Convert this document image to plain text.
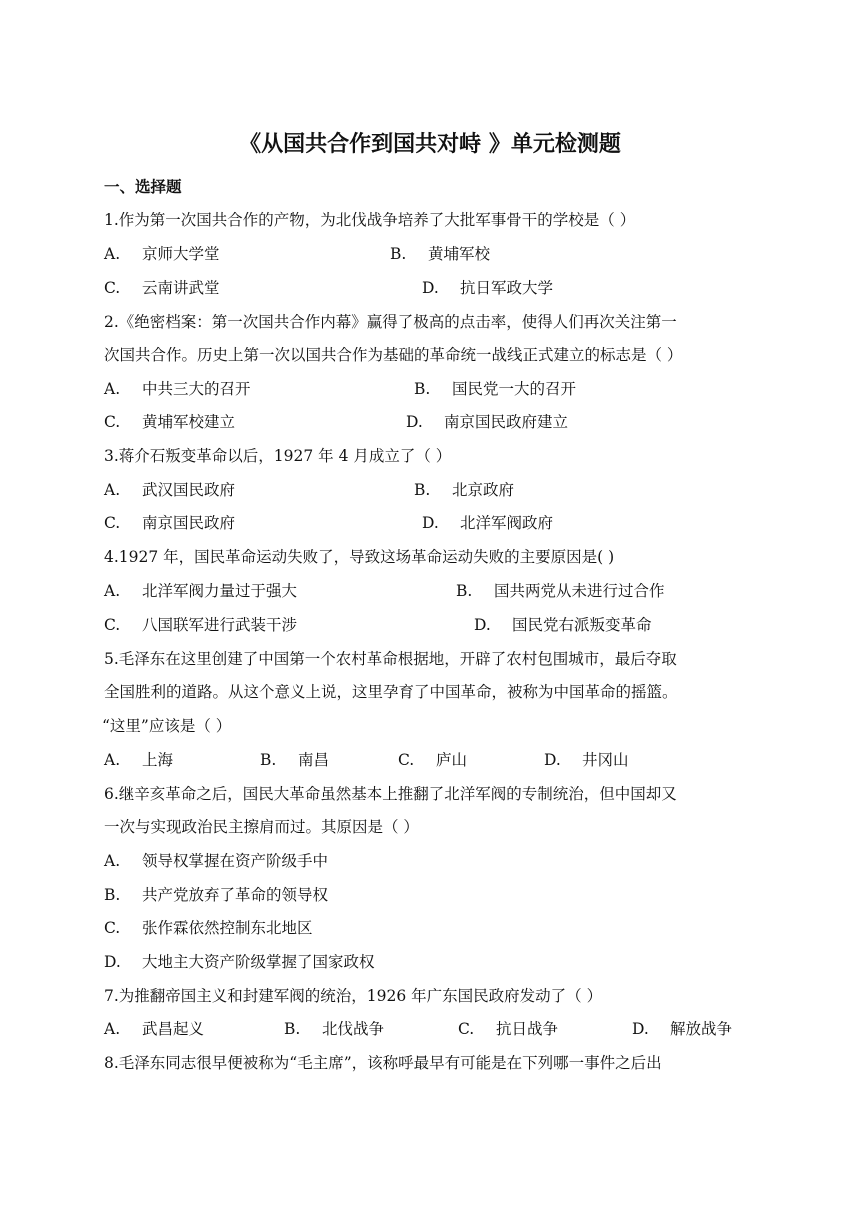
《从国共合作到国共对峙 》单元检测题
一、选择题
1.作为第一次国共合作的产物，为北伐战争培养了大批军事骨干的学校是（ ）
A. 京师大学堂	B. 黄埔军校
C. 云南讲武堂	D. 抗日军政大学
2.《绝密档案：第一次国共合作内幕》赢得了极高的点击率，使得人们再次关注第一
次国共合作。历史上第一次以国共合作为基础的革命统一战线正式建立的标志是（ ）
A. 中共三大的召开	B. 国民党一大的召开
C. 黄埔军校建立	D. 南京国民政府建立
3.蒋介石叛变革命以后，1927 年 4 月成立了（ ）
A. 武汉国民政府	B. 北京政府
C. 南京国民政府	D. 北洋军阀政府
4.1927 年，国民革命运动失败了，导致这场革命运动失败的主要原因是( )
A. 北洋军阀力量过于强大	B. 国共两党从未进行过合作
C. 八国联军进行武装干涉	D. 国民党右派叛变革命
5.毛泽东在这里创建了中国第一个农村革命根据地，开辟了农村包围城市，最后夺取
全国胜利的道路。从这个意义上说，这里孕育了中国革命，被称为中国革命的摇篮。
“这里”应该是（ ）
A. 上海	B. 南昌	C. 庐山	D. 井冈山
6.继辛亥革命之后，国民大革命虽然基本上推翻了北洋军阀的专制统治，但中国却又
一次与实现政治民主擦肩而过。其原因是（ ）
A. 领导权掌握在资产阶级手中
B. 共产党放弃了革命的领导权
C. 张作霖依然控制东北地区
D. 大地主大资产阶级掌握了国家政权
7.为推翻帝国主义和封建军阀的统治，1926 年广东国民政府发动了（ ）
A. 武昌起义	B. 北伐战争	C. 抗日战争	D. 解放战争
8.毛泽东同志很早便被称为“毛主席”，该称呼最早有可能是在下列哪一事件之后出
